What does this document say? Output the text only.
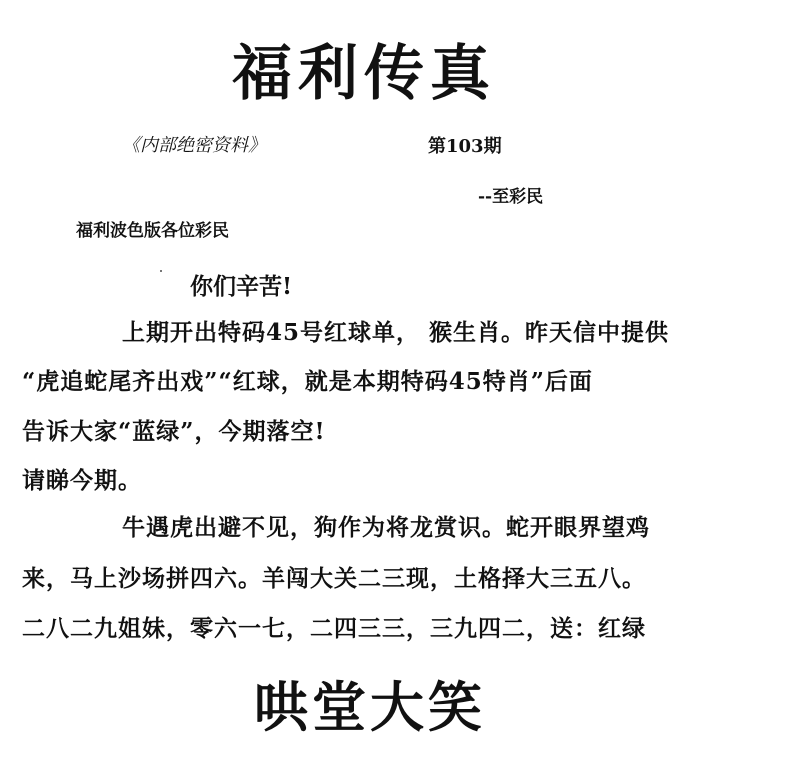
福利传真
《内部绝密资料》	第103期
--至彩民
福利波色版各位彩民
你们辛苦!
上期开出特码45号红球单， 猴生肖。昨天信中提供
“虎追蛇尾齐出戏”“红球，就是本期特码45特肖”后面
告诉大家“蓝绿”，今期落空!
请睇今期。
牛遇虎出避不见，狗作为将龙赏识。蛇开眼界望鸡
来，马上沙场拼四六。羊闯大关二三现，土格择大三五八。
二八二九姐妹，零六一七，二四三三，三九四二，送：红绿
哄堂大笑
